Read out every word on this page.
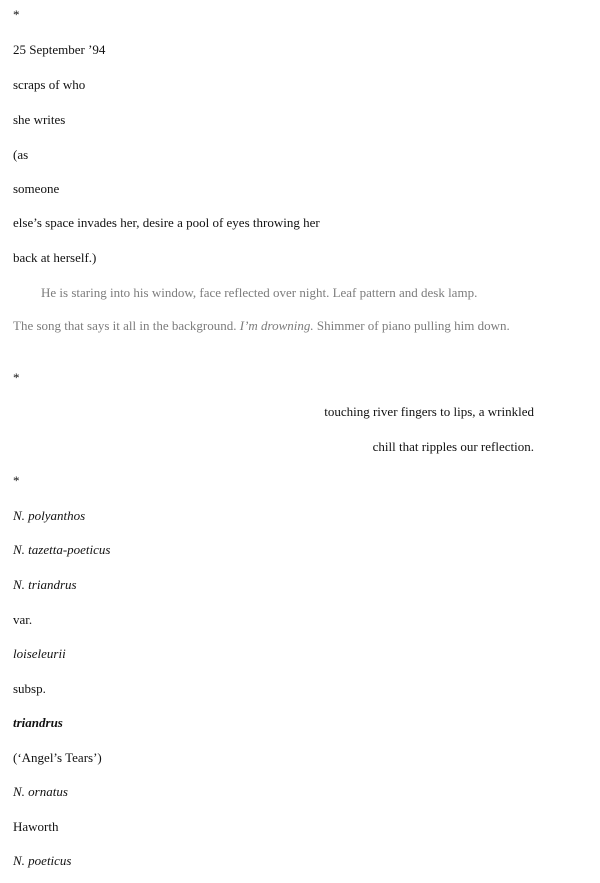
*
25 September ’94
scraps of who
she writes
(as
someone
else’s space invades her, desire a pool of eyes throwing her
back at herself.)
He is staring into his window, face reflected over night. Leaf pattern and desk lamp.
The song that says it all in the background. I’m drowning. Shimmer of piano pulling him down.
*
touching river fingers to lips, a wrinkled
chill that ripples our reflection.
*
N. polyanthos
N. tazetta-poeticus
N. triandrus
var.
loiseleurii
subsp.
triandrus
(‘Angel’s Tears’)
N. ornatus
Haworth
N. poeticus
